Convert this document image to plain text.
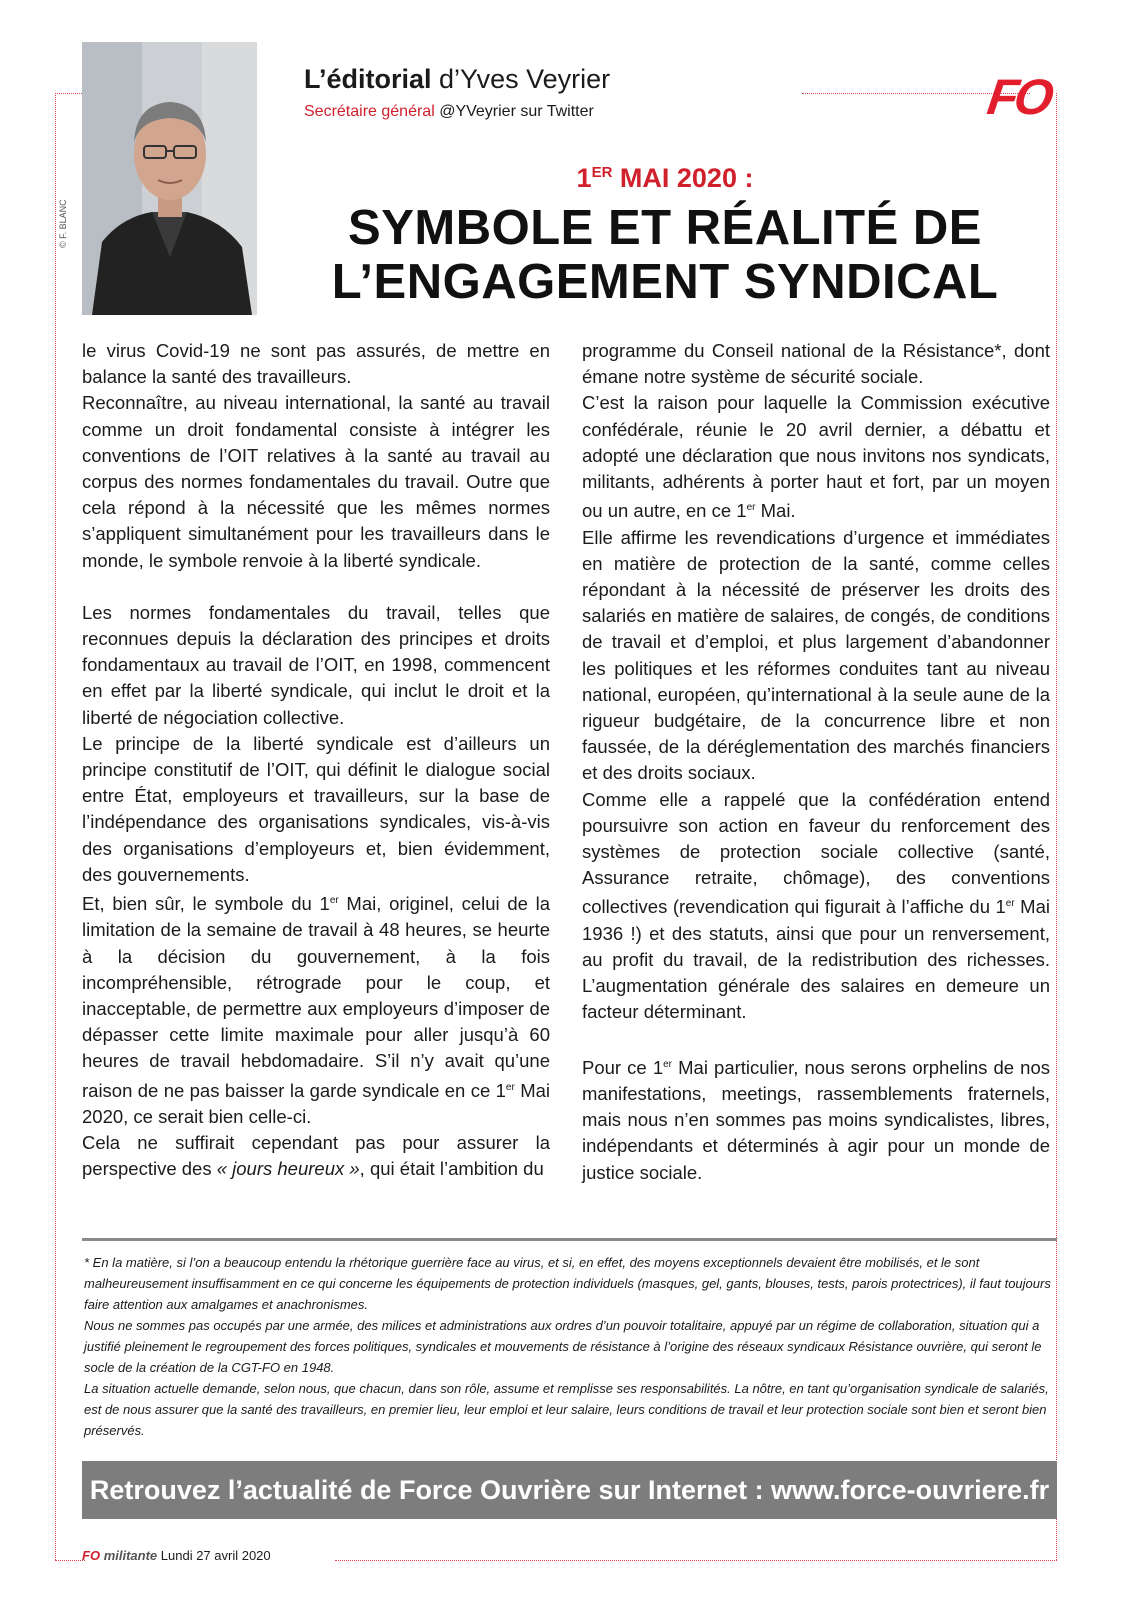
© F. BLANC
L’éditorial d’Yves Veyrier
Secrétaire général @YVeyrier sur Twitter	FO
1ER MAI 2020 :
SYMBOLE ET RÉALITÉ DE
L’ENGAGEMENT SYNDICAL

le virus Covid-19 ne sont pas assurés, de mettre en balance la santé des travailleurs.

Reconnaître, au niveau international, la santé au travail comme un droit fondamental consiste à intégrer les conventions de l’OIT relatives à la santé au travail au corpus des normes fondamentales du travail. Outre que cela répond à la nécessité que les mêmes normes s’appliquent simultanément pour les travailleurs dans le monde, le symbole renvoie à la liberté syndicale.

Les normes fondamentales du travail, telles que reconnues depuis la déclaration des principes et droits fondamentaux au travail de l’OIT, en 1998, commencent en effet par la liberté syndicale, qui inclut le droit et la liberté de négociation collective.

Le principe de la liberté syndicale est d’ailleurs un principe constitutif de l’OIT, qui définit le dialogue social entre État, employeurs et travailleurs, sur la base de l’indépendance des organisations syndicales, vis-à-vis des organisations d’employeurs et, bien évidemment, des gouvernements.

Et, bien sûr, le symbole du 1er Mai, originel, celui de la limitation de la semaine de travail à 48 heures, se heurte à la décision du gouvernement, à la fois incompréhensible, rétrograde pour le coup, et inacceptable, de permettre aux employeurs d’imposer de dépasser cette limite maximale pour aller jusqu’à 60 heures de travail hebdomadaire. S’il n’y avait qu’une raison de ne pas baisser la garde syndicale en ce 1er Mai 2020, ce serait bien celle-ci.

Cela ne suffirait cependant pas pour assurer la perspective des « jours heureux », qui était l’ambition du

programme du Conseil national de la Résistance*, dont émane notre système de sécurité sociale.

C’est la raison pour laquelle la Commission exécutive confédérale, réunie le 20 avril dernier, a débattu et adopté une déclaration que nous invitons nos syndicats, militants, adhérents à porter haut et fort, par un moyen ou un autre, en ce 1er Mai.

Elle affirme les revendications d’urgence et immédiates en matière de protection de la santé, comme celles répondant à la nécessité de préserver les droits des salariés en matière de salaires, de congés, de conditions de travail et d’emploi, et plus largement d’abandonner les politiques et les réformes conduites tant au niveau national, européen, qu’international à la seule aune de la rigueur budgétaire, de la concurrence libre et non faussée, de la déréglementation des marchés financiers et des droits sociaux.

Comme elle a rappelé que la confédération entend poursuivre son action en faveur du renforcement des systèmes de protection sociale collective (santé, Assurance retraite, chômage), des conventions collectives (revendication qui figurait à l’affiche du 1er Mai 1936 !) et des statuts, ainsi que pour un renversement, au profit du travail, de la redistribution des richesses. L’augmentation générale des salaires en demeure un facteur déterminant.

Pour ce 1er Mai particulier, nous serons orphelins de nos manifestations, meetings, rassemblements fraternels, mais nous n’en sommes pas moins syndicalistes, libres, indépendants et déterminés à agir pour un monde de justice sociale.

* En la matière, si l’on a beaucoup entendu la rhétorique guerrière face au virus, et si, en effet, des moyens exceptionnels devaient être mobilisés, et le sont malheureusement insuffisamment en ce qui concerne les équipements de protection individuels (masques, gel, gants, blouses, tests, parois protectrices), il faut toujours faire attention aux amalgames et anachronismes.

Nous ne sommes pas occupés par une armée, des milices et administrations aux ordres d’un pouvoir totalitaire, appuyé par un régime de collaboration, situation qui a justifié pleinement le regroupement des forces politiques, syndicales et mouvements de résistance à l’origine des réseaux syndicaux Résistance ouvrière, qui seront le socle de la création de la CGT-FO en 1948.

La situation actuelle demande, selon nous, que chacun, dans son rôle, assume et remplisse ses responsabilités. La nôtre, en tant qu’organisation syndicale de salariés, est de nous assurer que la santé des travailleurs, en premier lieu, leur emploi et leur salaire, leurs conditions de travail et leur protection sociale sont bien et seront bien préservés.

Retrouvez l’actualité de Force Ouvrière sur Internet : www.force-ouvriere.fr
FO militante Lundi 27 avril 2020
